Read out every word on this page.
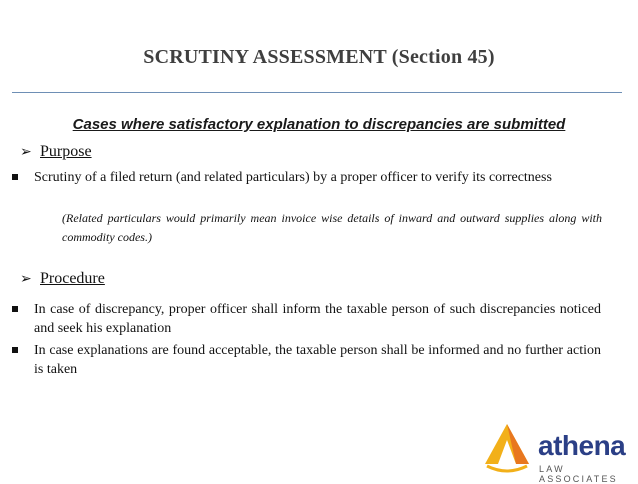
SCRUTINY ASSESSMENT (Section 45)
Cases where satisfactory explanation to discrepancies are submitted
➢ Purpose
Scrutiny of a filed return (and related particulars) by a proper officer to verify its correctness
(Related particulars would primarily mean invoice wise details of inward and outward supplies along with commodity codes.)
➢ Procedure
In case of discrepancy, proper officer shall inform the taxable person of such discrepancies noticed and seek his explanation
In case explanations are found acceptable, the taxable person shall be informed and no further action is taken
athena
LAW ASSOCIATES
